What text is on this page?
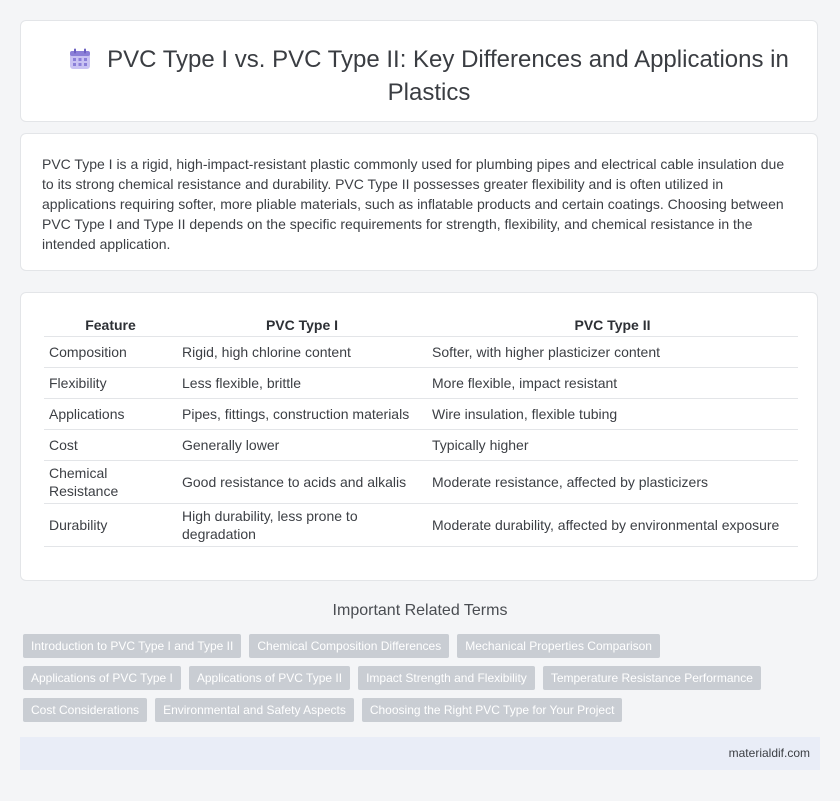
PVC Type I vs. PVC Type II: Key Differences and Applications in Plastics
PVC Type I is a rigid, high-impact-resistant plastic commonly used for plumbing pipes and electrical cable insulation due to its strong chemical resistance and durability. PVC Type II possesses greater flexibility and is often utilized in applications requiring softer, more pliable materials, such as inflatable products and certain coatings. Choosing between PVC Type I and Type II depends on the specific requirements for strength, flexibility, and chemical resistance in the intended application.
Feature	PVC Type I	PVC Type II
Composition	Rigid, high chlorine content	Softer, with higher plasticizer content
Flexibility	Less flexible, brittle	More flexible, impact resistant
Applications	Pipes, fittings, construction materials	Wire insulation, flexible tubing
Cost	Generally lower	Typically higher
Chemical Resistance	Good resistance to acids and alkalis	Moderate resistance, affected by plasticizers
Durability	High durability, less prone to degradation	Moderate durability, affected by environmental exposure
Important Related Terms
Introduction to PVC Type I and Type II	Chemical Composition Differences	Mechanical Properties Comparison
Applications of PVC Type I	Applications of PVC Type II	Impact Strength and Flexibility	Temperature Resistance Performance
Cost Considerations	Environmental and Safety Aspects	Choosing the Right PVC Type for Your Project
materialdif.com
